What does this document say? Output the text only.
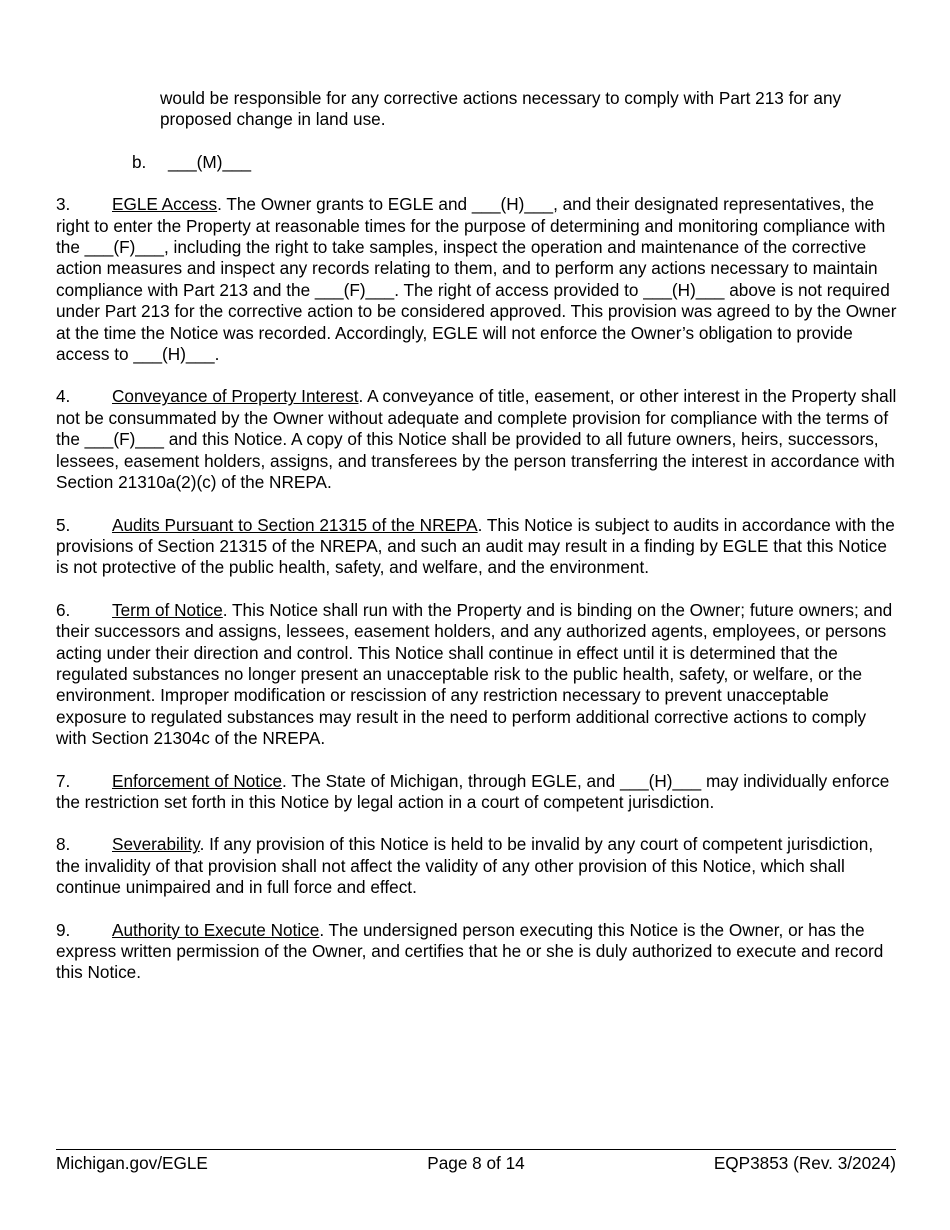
would be responsible for any corrective actions necessary to comply with Part 213 for any proposed change in land use.
b. ___(M)___
3. EGLE Access. The Owner grants to EGLE and ___(H)___, and their designated representatives, the right to enter the Property at reasonable times for the purpose of determining and monitoring compliance with the ___(F)___, including the right to take samples, inspect the operation and maintenance of the corrective action measures and inspect any records relating to them, and to perform any actions necessary to maintain compliance with Part 213 and the ___(F)___. The right of access provided to ___(H)___ above is not required under Part 213 for the corrective action to be considered approved. This provision was agreed to by the Owner at the time the Notice was recorded. Accordingly, EGLE will not enforce the Owner’s obligation to provide access to ___(H)___.
4. Conveyance of Property Interest. A conveyance of title, easement, or other interest in the Property shall not be consummated by the Owner without adequate and complete provision for compliance with the terms of the ___(F)___ and this Notice. A copy of this Notice shall be provided to all future owners, heirs, successors, lessees, easement holders, assigns, and transferees by the person transferring the interest in accordance with Section 21310a(2)(c) of the NREPA.
5. Audits Pursuant to Section 21315 of the NREPA. This Notice is subject to audits in accordance with the provisions of Section 21315 of the NREPA, and such an audit may result in a finding by EGLE that this Notice is not protective of the public health, safety, and welfare, and the environment.
6. Term of Notice. This Notice shall run with the Property and is binding on the Owner; future owners; and their successors and assigns, lessees, easement holders, and any authorized agents, employees, or persons acting under their direction and control. This Notice shall continue in effect until it is determined that the regulated substances no longer present an unacceptable risk to the public health, safety, or welfare, or the environment. Improper modification or rescission of any restriction necessary to prevent unacceptable exposure to regulated substances may result in the need to perform additional corrective actions to comply with Section 21304c of the NREPA.
7. Enforcement of Notice. The State of Michigan, through EGLE, and ___(H)___ may individually enforce the restriction set forth in this Notice by legal action in a court of competent jurisdiction.
8. Severability. If any provision of this Notice is held to be invalid by any court of competent jurisdiction, the invalidity of that provision shall not affect the validity of any other provision of this Notice, which shall continue unimpaired and in full force and effect.
9. Authority to Execute Notice. The undersigned person executing this Notice is the Owner, or has the express written permission of the Owner, and certifies that he or she is duly authorized to execute and record this Notice.
Page 8 of 14
Michigan.gov/EGLE	EQP3853 (Rev. 3/2024)
